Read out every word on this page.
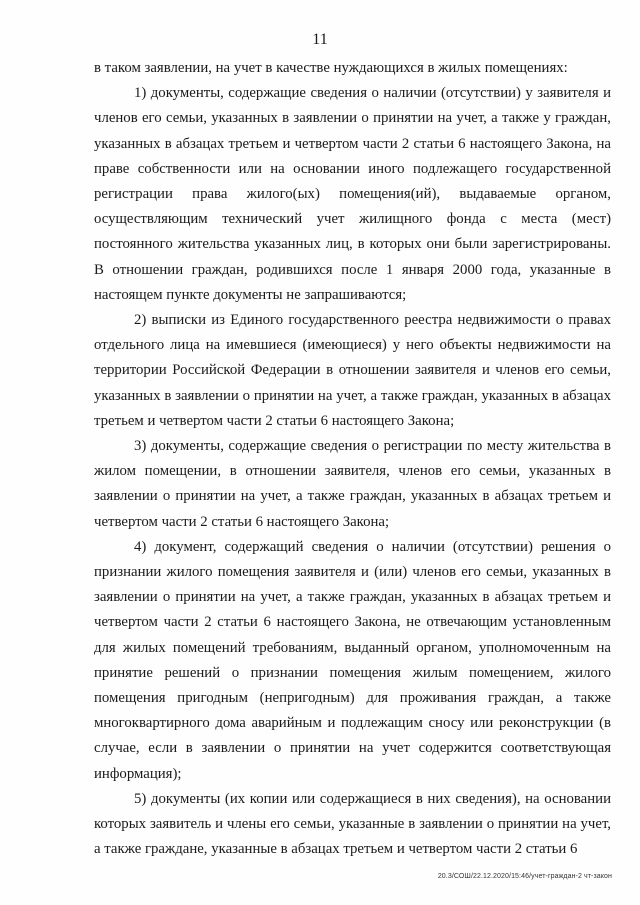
11

в таком заявлении, на учет в качестве нуждающихся в жилых помещениях:

1) документы, содержащие сведения о наличии (отсутствии) у заявителя и членов его семьи, указанных в заявлении о принятии на учет, а также у граждан, указанных в абзацах третьем и четвертом части 2 статьи 6 настоящего Закона, на праве собственности или на основании иного подлежащего государственной регистрации права жилого(ых) помещения(ий), выдаваемые органом, осуществляющим технический учет жилищного фонда с места (мест) постоянного жительства указанных лиц, в которых они были зарегистрированы. В отношении граждан, родившихся после 1 января 2000 года, указанные в настоящем пункте документы не запрашиваются;

2) выписки из Единого государственного реестра недвижимости о правах отдельного лица на имевшиеся (имеющиеся) у него объекты недвижимости на территории Российской Федерации в отношении заявителя и членов его семьи, указанных в заявлении о принятии на учет, а также граждан, указанных в абзацах третьем и четвертом части 2 статьи 6 настоящего Закона;

3) документы, содержащие сведения о регистрации по месту жительства в жилом помещении, в отношении заявителя, членов его семьи, указанных в заявлении о принятии на учет, а также граждан, указанных в абзацах третьем и четвертом части 2 статьи 6 настоящего Закона;

4) документ, содержащий сведения о наличии (отсутствии) решения о признании жилого помещения заявителя и (или) членов его семьи, указанных в заявлении о принятии на учет, а также граждан, указанных в абзацах третьем и четвертом части 2 статьи 6 настоящего Закона, не отвечающим установленным для жилых помещений требованиям, выданный органом, уполномоченным на принятие решений о признании помещения жилым помещением, жилого помещения пригодным (непригодным) для проживания граждан, а также многоквартирного дома аварийным и подлежащим сносу или реконструкции (в случае, если в заявлении о принятии на учет содержится соответствующая информация);

5) документы (их копии или содержащиеся в них сведения), на основании которых заявитель и члены его семьи, указанные в заявлении о принятии на учет, а также граждане, указанные в абзацах третьем и четвертом части 2 статьи 6

20.3/СОШ/22.12.2020/15:46/учет-граждан-2 чт-закон
